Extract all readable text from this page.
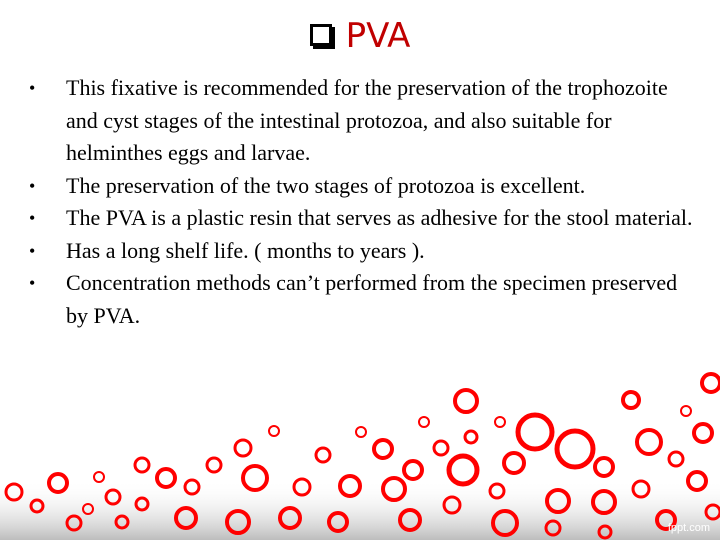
PVA
• This fixative is recommended for the preservation of the trophozoite and cyst stages of the intestinal protozoa, and also suitable for helminthes eggs and larvae.
• The preservation of the two stages of protozoa is excellent.
• The PVA is a plastic resin that serves as adhesive for the stool material.
• Has a long shelf life. ( months to years ).
• Concentration methods can’t performed from the specimen preserved by PVA.
fppt.com
